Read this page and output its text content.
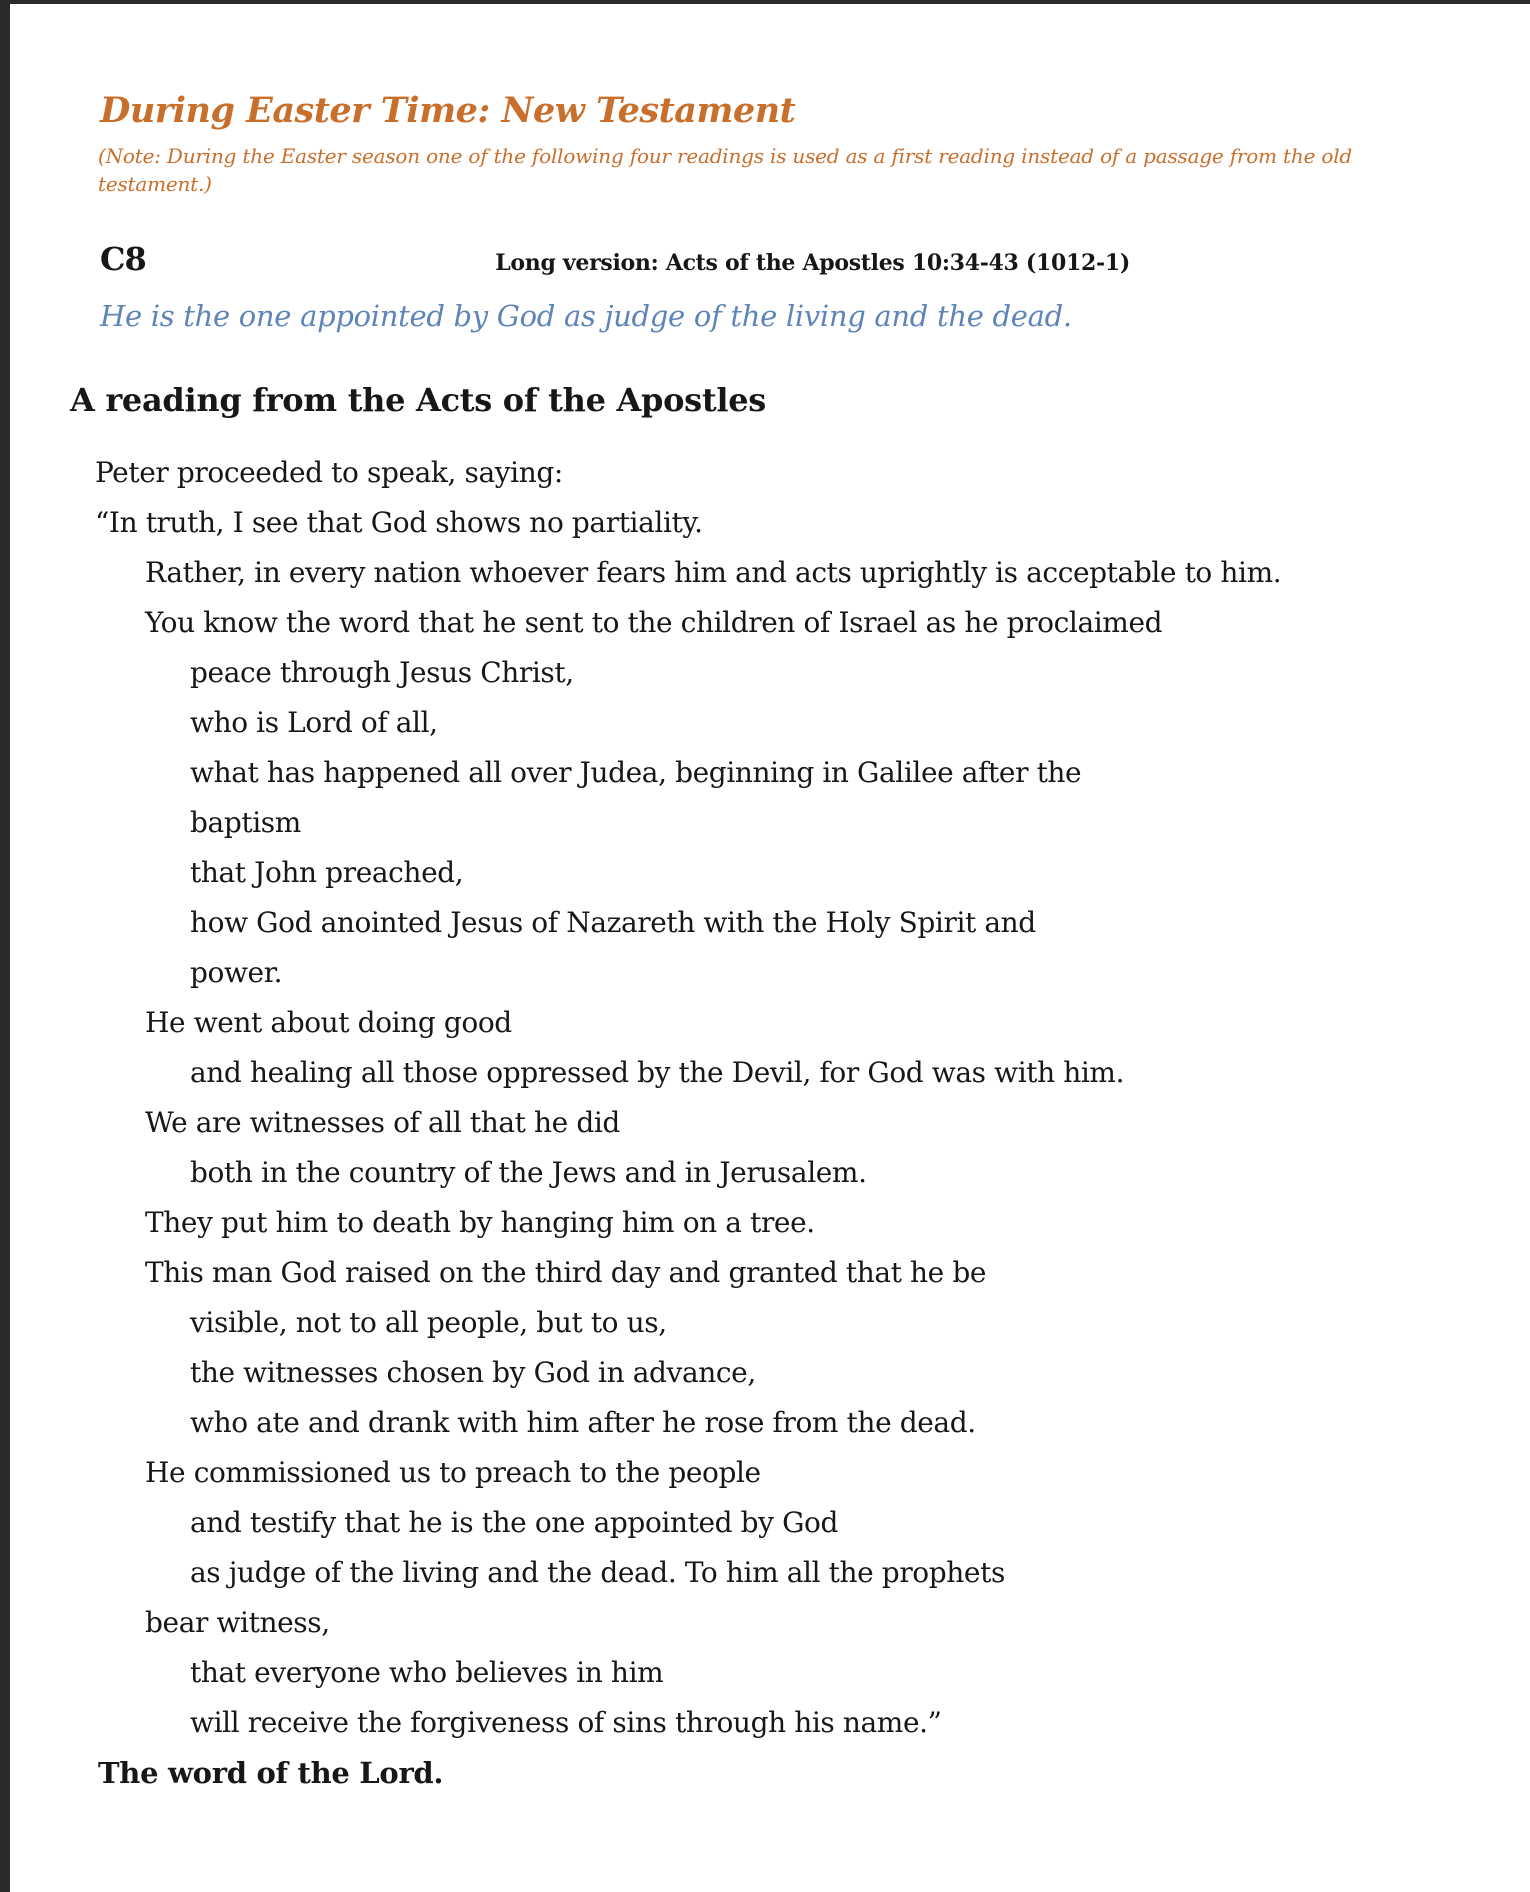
During Easter Time: New Testament
(Note: During the Easter season one of the following four readings is used as a first reading instead of a passage from the old
testament.)
C8	Long version: Acts of the Apostles 10:34-43 (1012-1)
He is the one appointed by God as judge of the living and the dead.
A reading from the Acts of the Apostles
Peter proceeded to speak, saying:
“In truth, I see that God shows no partiality.
Rather, in every nation whoever fears him and acts uprightly is acceptable to him.
You know the word that he sent to the children of Israel as he proclaimed
peace through Jesus Christ,
who is Lord of all,
what has happened all over Judea, beginning in Galilee after the
baptism
that John preached,
how God anointed Jesus of Nazareth with the Holy Spirit and
power.
He went about doing good
and healing all those oppressed by the Devil, for God was with him.
We are witnesses of all that he did
both in the country of the Jews and in Jerusalem.
They put him to death by hanging him on a tree.
This man God raised on the third day and granted that he be
visible, not to all people, but to us,
the witnesses chosen by God in advance,
who ate and drank with him after he rose from the dead.
He commissioned us to preach to the people
and testify that he is the one appointed by God
as judge of the living and the dead. To him all the prophets
bear witness,
that everyone who believes in him
will receive the forgiveness of sins through his name.”
The word of the Lord.
